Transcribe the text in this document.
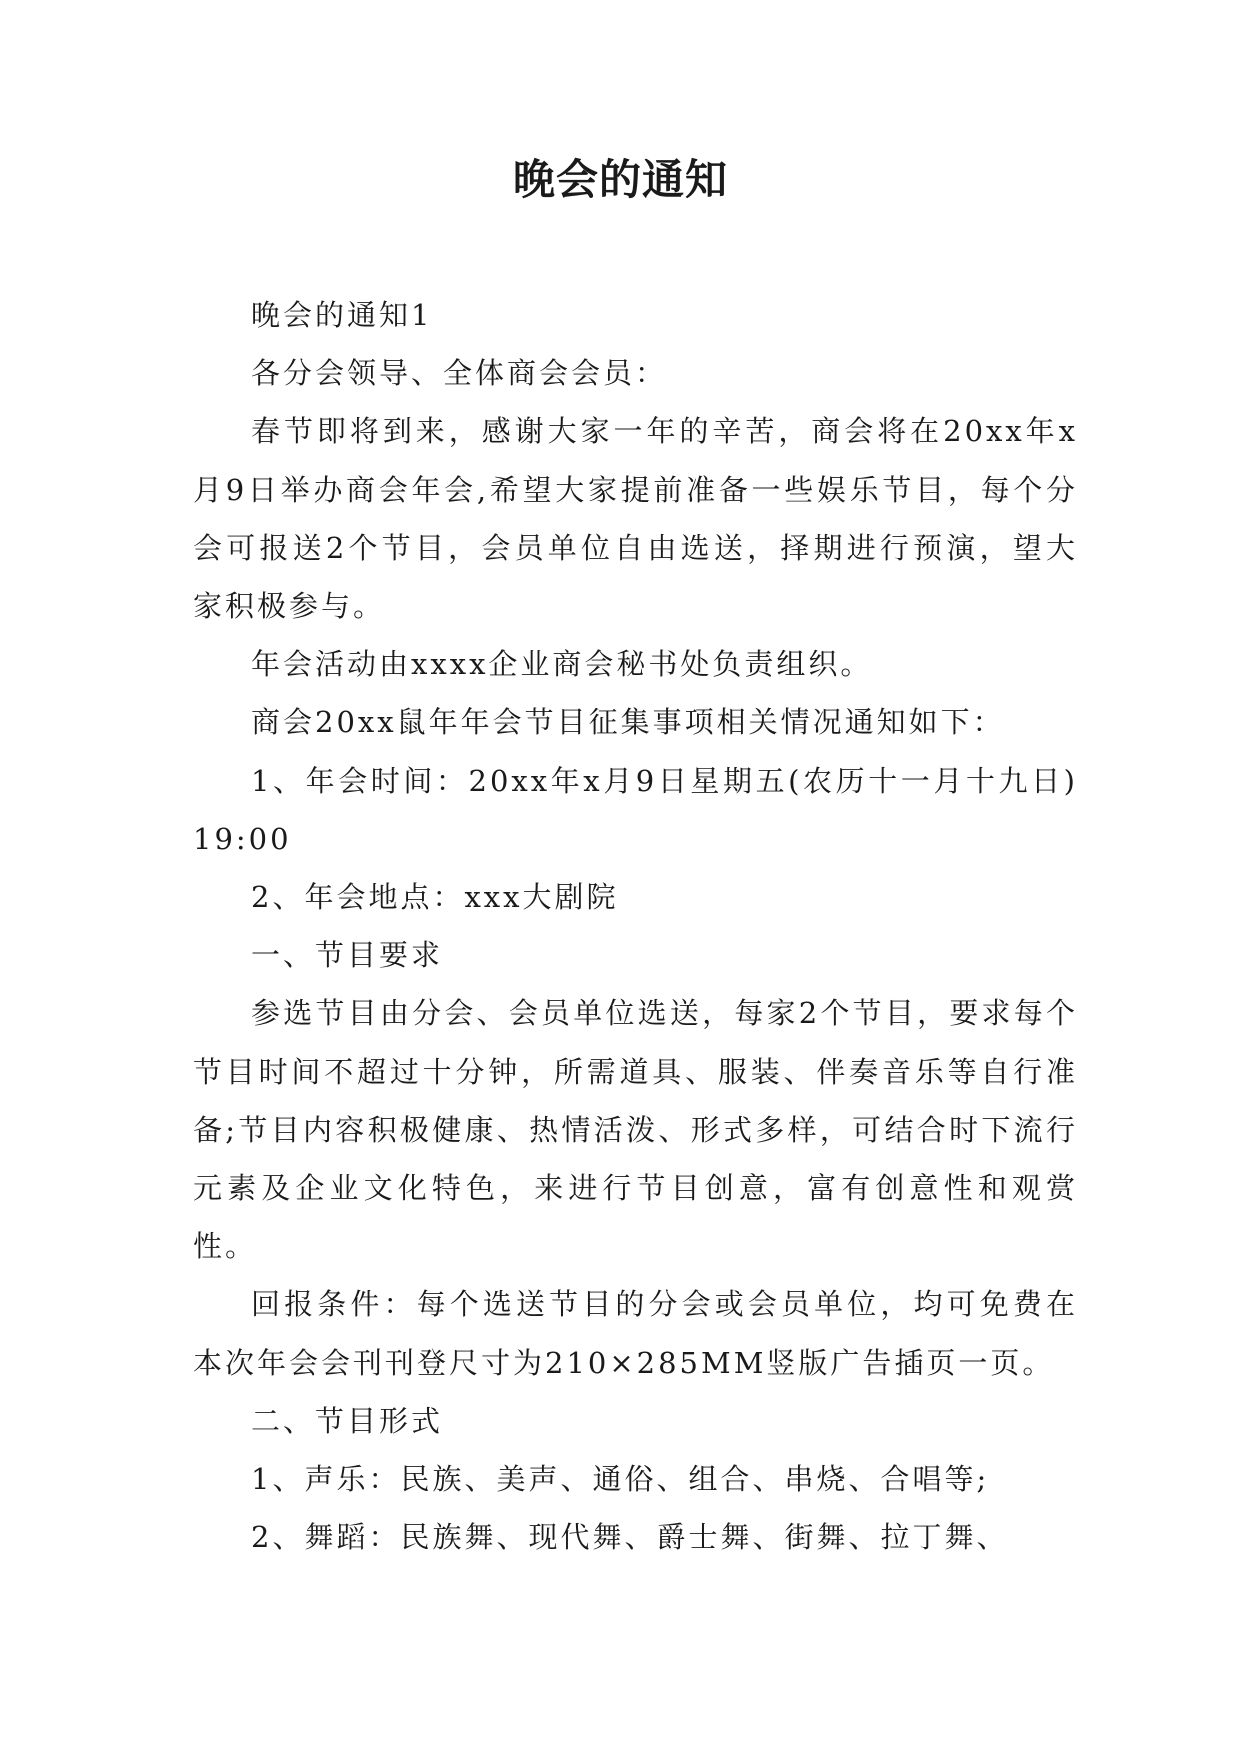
晚会的通知

晚会的通知1

各分会领导、全体商会会员：

春节即将到来，感谢大家一年的辛苦，商会将在20xx年x月9日举办商会年会,希望大家提前准备一些娱乐节目，每个分会可报送2个节目，会员单位自由选送，择期进行预演，望大家积极参与。

年会活动由xxxx企业商会秘书处负责组织。

商会20xx鼠年年会节目征集事项相关情况通知如下：

1、年会时间：20xx年x月9日星期五(农历十一月十九日)19:00

2、年会地点：xxx大剧院

一、节目要求

参选节目由分会、会员单位选送，每家2个节目，要求每个节目时间不超过十分钟，所需道具、服装、伴奏音乐等自行准备;节目内容积极健康、热情活泼、形式多样，可结合时下流行元素及企业文化特色，来进行节目创意，富有创意性和观赏性。

回报条件：每个选送节目的分会或会员单位，均可免费在本次年会会刊刊登尺寸为210×285MM竖版广告插页一页。

二、节目形式

1、声乐：民族、美声、通俗、组合、串烧、合唱等;

2、舞蹈：民族舞、现代舞、爵士舞、街舞、拉丁舞、
